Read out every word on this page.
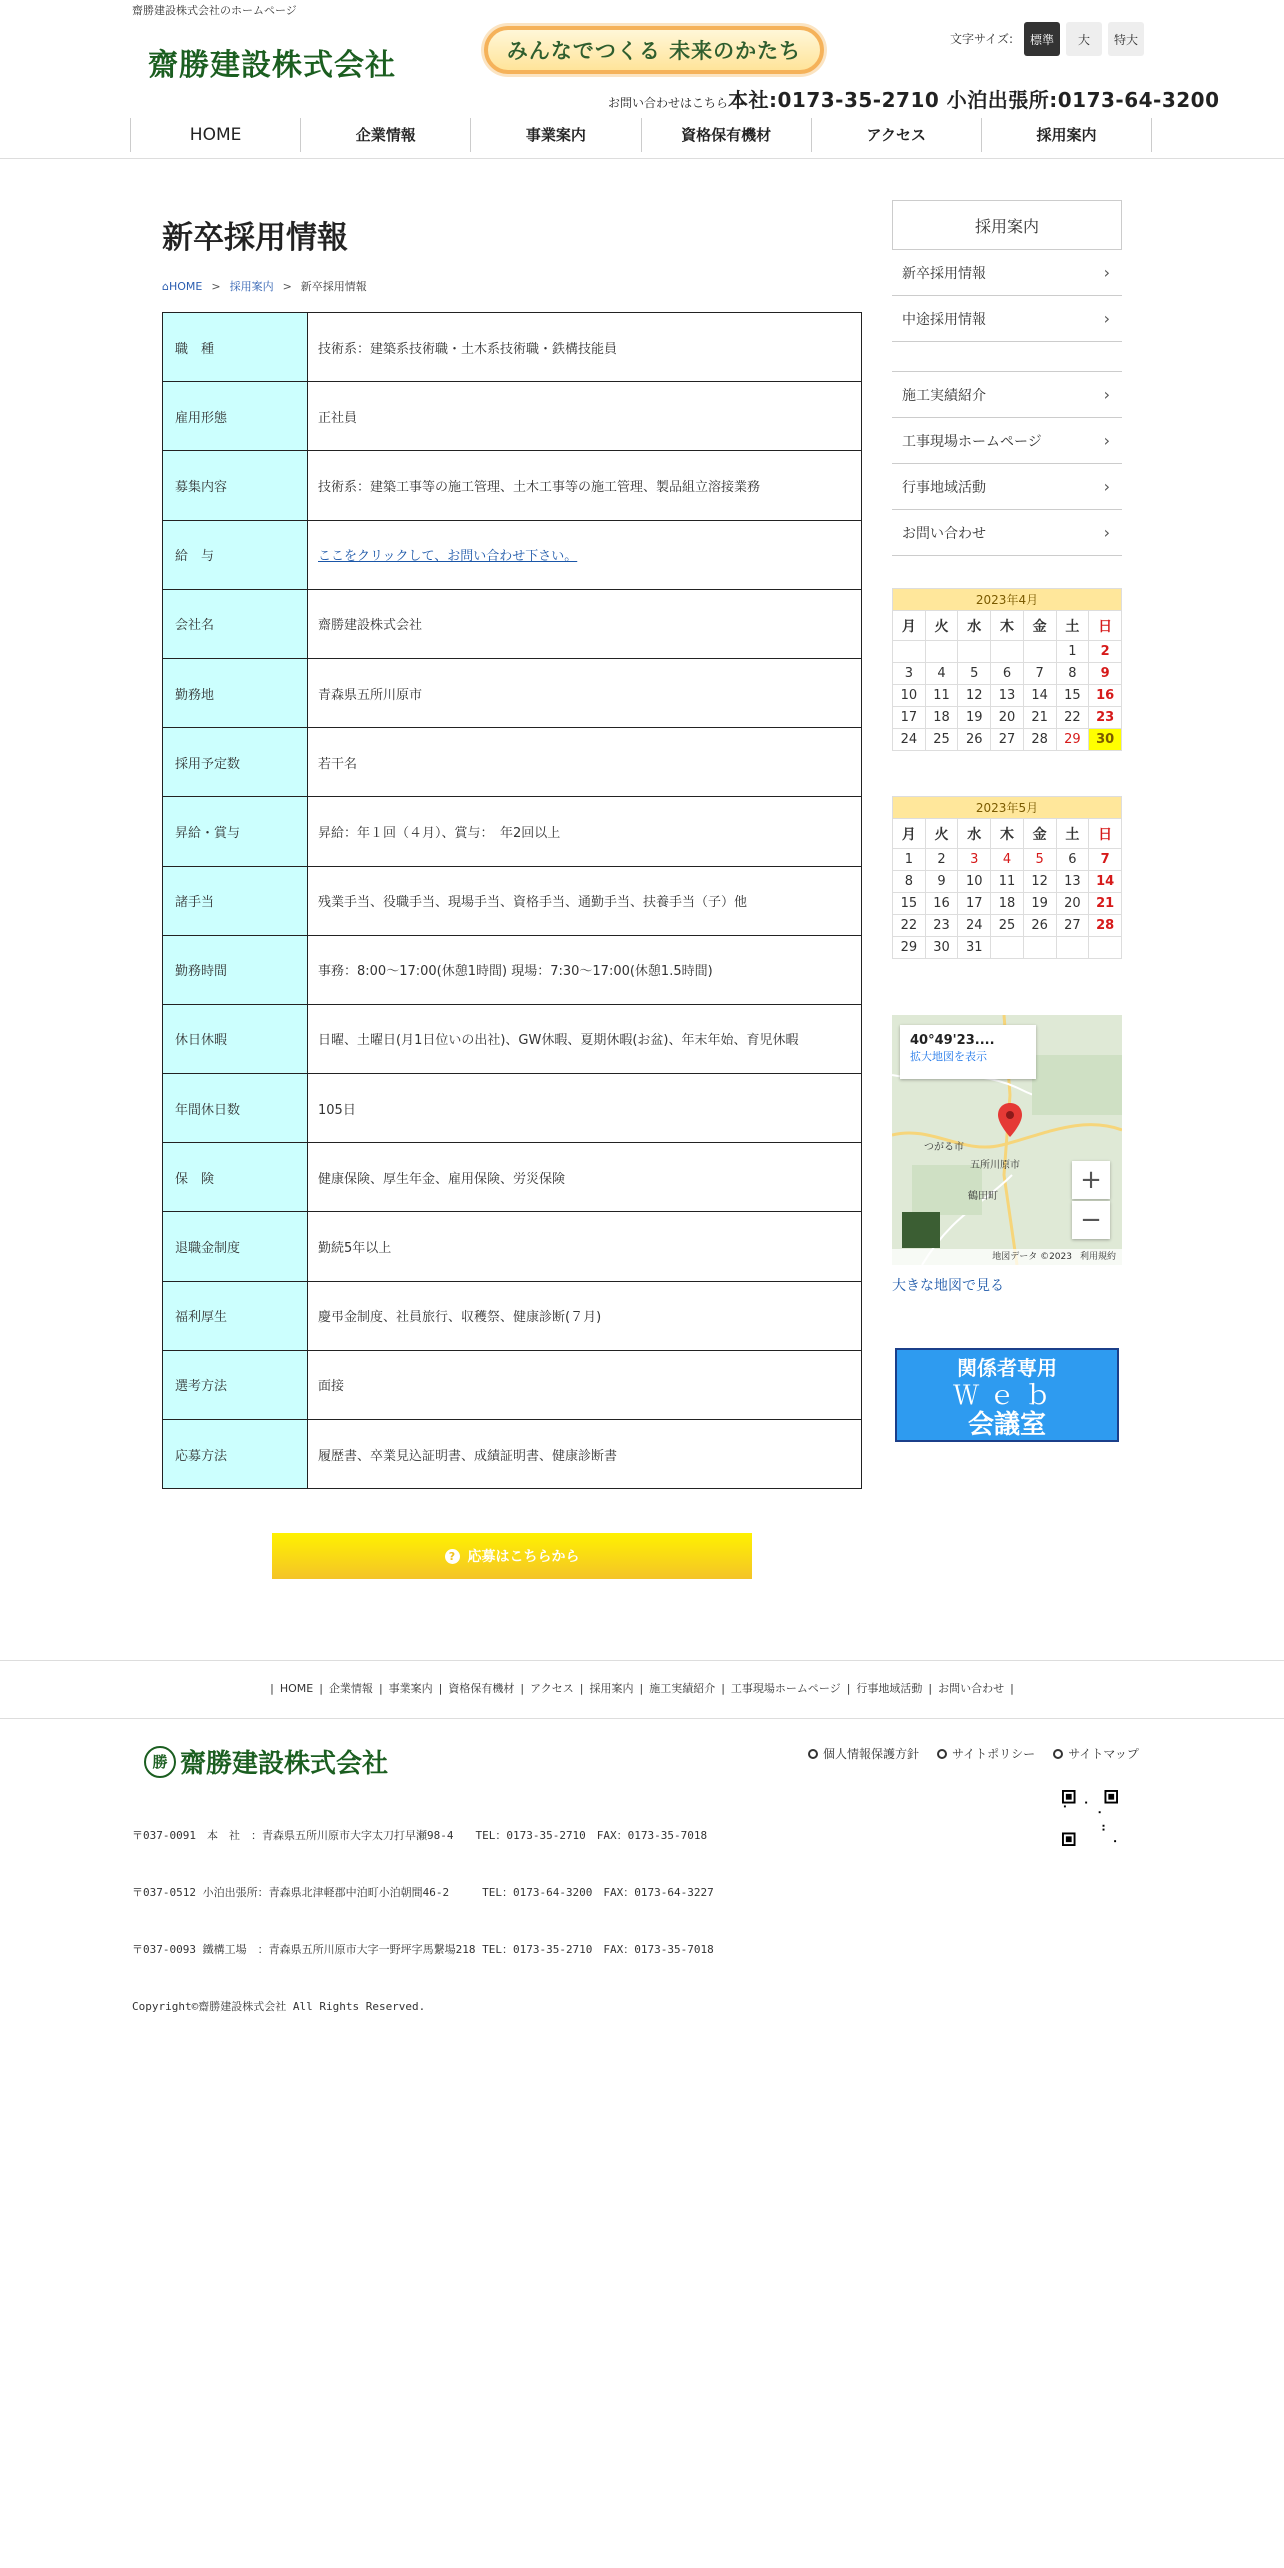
齋勝建設株式会社のホームページ
齋勝建設株式会社	みんなでつくる 未来のかたち	文字サイズ:	標準	大	特大
お問い合わせはこちら本社:0173-35-2710 小泊出張所:0173-64-3200
HOME	企業情報	事業案内	資格保有機材	アクセス	採用案内
新卒採用情報
⌂HOME > 採用案内 > 新卒採用情報
職　種	技術系：建築系技術職・土木系技術職・鉄構技能員
雇用形態	正社員
募集内容	技術系：建築工事等の施工管理、土木工事等の施工管理、製品組立溶接業務
給　与	ここをクリックして、お問い合わせ下さい。
会社名	齋勝建設株式会社
勤務地	青森県五所川原市
採用予定数	若干名
昇給・賞与	昇給：年１回（４月）、賞与：　年2回以上
諸手当	残業手当、役職手当、現場手当、資格手当、通勤手当、扶養手当（子）他
勤務時間	事務：8:00～17:00(休憩1時間) 現場：7:30～17:00(休憩1.5時間)
休日休暇	日曜、土曜日(月1日位いの出社)、GW休暇、夏期休暇(お盆)、年末年始、育児休暇
年間休日数	105日
保　険	健康保険、厚生年金、雇用保険、労災保険
退職金制度	勤続5年以上
福利厚生	慶弔金制度、社員旅行、収穫祭、健康診断(７月)
選考方法	面接
応募方法	履歴書、卒業見込証明書、成績証明書、健康診断書
? 応募はこちらから
採用案内
新卒採用情報	›
中途採用情報	›
施工実績紹介	›
工事現場ホームページ	›
行事地域活動	›
お問い合わせ	›
2023年4月						
月	火	水	木	金	土	日
					1	2
3	4	5	6	7	8	9
10	11	12	13	14	15	16
17	18	19	20	21	22	23
24	25	26	27	28	29	30
2023年5月						
月	火	水	木	金	土	日
1	2	3	4	5	6	7
8	9	10	11	12	13	14
15	16	17	18	19	20	21
22	23	24	25	26	27	28
29	30	31				
40°49'23....
拡大地図を表示
つがる市
五所川原市
鶴田町
+
−
地図データ ©2023 利用規約
大きな地図で見る
関係者専用
Ｗｅｂ
会議室
| HOME | 企業情報 | 事業案内 | 資格保有機材 | アクセス | 採用案内 | 施工実績紹介 | 工事現場ホームページ | 行事地域活動 | お問い合わせ |
勝 齋勝建設株式会社	個人情報保護方針	サイトポリシー	サイトマップ

〒037-0091　本　社　：青森県五所川原市大字太刀打早瀬98-4　　TEL：0173-35-2710　FAX：0173-35-7018

〒037-0512 小泊出張所：青森県北津軽郡中泊町小泊朝間46-2　　　TEL：0173-64-3200　FAX：0173-64-3227

〒037-0093 鐵構工場　：青森県五所川原市大字一野坪字馬繋場218 TEL：0173-35-2710　FAX：0173-35-7018

Copyright©齋勝建設株式会社 All Rights Reserved.
